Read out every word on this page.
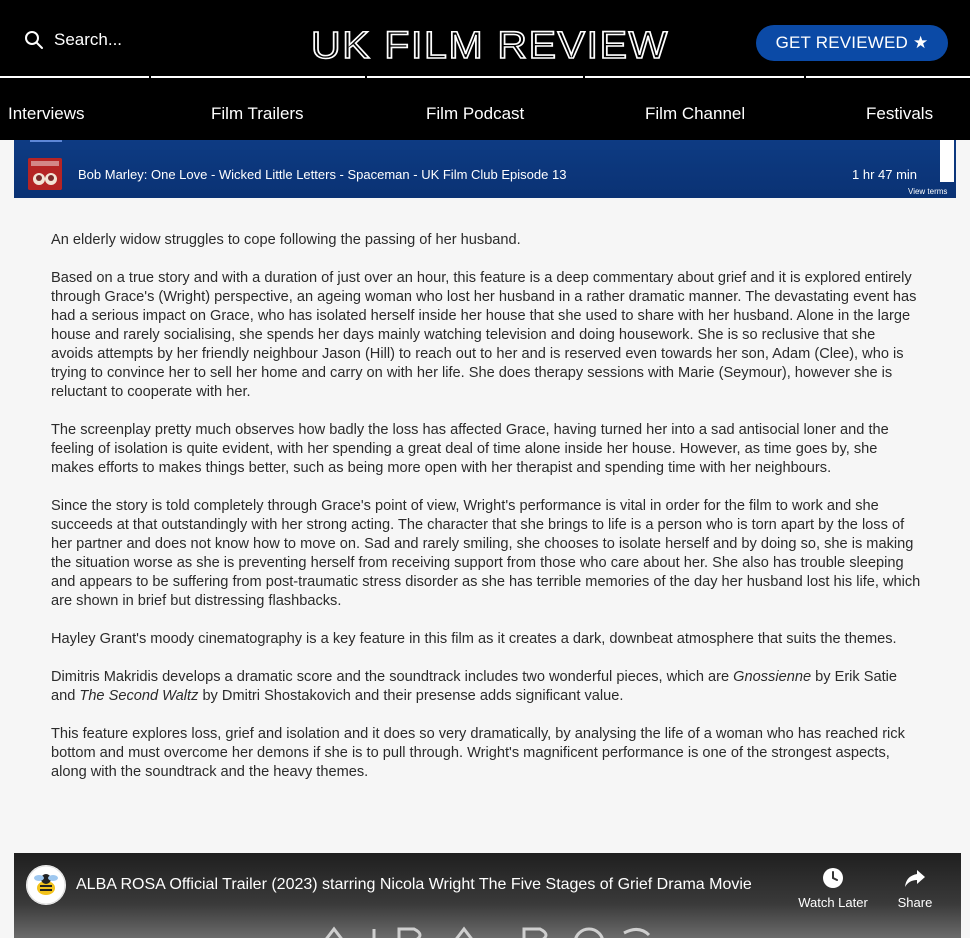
Search...
UK FILM REVIEW	GET REVIEWED ★
Interviews	Film Trailers	Film Podcast	Film Channel	Festivals
Bob Marley: One Love - Wicked Little Letters - Spaceman - UK Film Club Episode 13	1 hr 47 min
View terms

An elderly widow struggles to cope following the passing of her husband.

Based on a true story and with a duration of just over an hour, this feature is a deep commentary about grief and it is explored entirely through Grace's (Wright) perspective, an ageing woman who lost her husband in a rather dramatic manner. The devastating event has had a serious impact on Grace, who has isolated herself inside her house that she used to share with her husband. Alone in the large house and rarely socialising, she spends her days mainly watching television and doing housework. She is so reclusive that she avoids attempts by her friendly neighbour Jason (Hill) to reach out to her and is reserved even towards her son, Adam (Clee), who is trying to convince her to sell her home and carry on with her life. She does therapy sessions with Marie (Seymour), however she is reluctant to cooperate with her.

The screenplay pretty much observes how badly the loss has affected Grace, having turned her into a sad antisocial loner and the feeling of isolation is quite evident, with her spending a great deal of time alone inside her house. However, as time goes by, she makes efforts to makes things better, such as being more open with her therapist and spending time with her neighbours.

Since the story is told completely through Grace's point of view, Wright's performance is vital in order for the film to work and she succeeds at that outstandingly with her strong acting. The character that she brings to life is a person who is torn apart by the loss of her partner and does not know how to move on. Sad and rarely smiling, she chooses to isolate herself and by doing so, she is making the situation worse as she is preventing herself from receiving support from those who care about her. She also has trouble sleeping and appears to be suffering from post-traumatic stress disorder as she has terrible memories of the day her husband lost his life, which are shown in brief but distressing flashbacks.

Hayley Grant's moody cinematography is a key feature in this film as it creates a dark, downbeat atmosphere that suits the themes.

Dimitris Makridis develops a dramatic score and the soundtrack includes two wonderful pieces, which are Gnossienne by Erik Satie and The Second Waltz by Dmitri Shostakovich and their presense adds significant value.

This feature explores loss, grief and isolation and it does so very dramatically, by analysing the life of a woman who has reached rick bottom and must overcome her demons if she is to pull through. Wright's magnificent performance is one of the strongest aspects, along with the soundtrack and the heavy themes.

ALBA ROSA Official Trailer (2023) starring Nicola Wright The Five Stages of Grief Drama Movie
Watch Later	Share
